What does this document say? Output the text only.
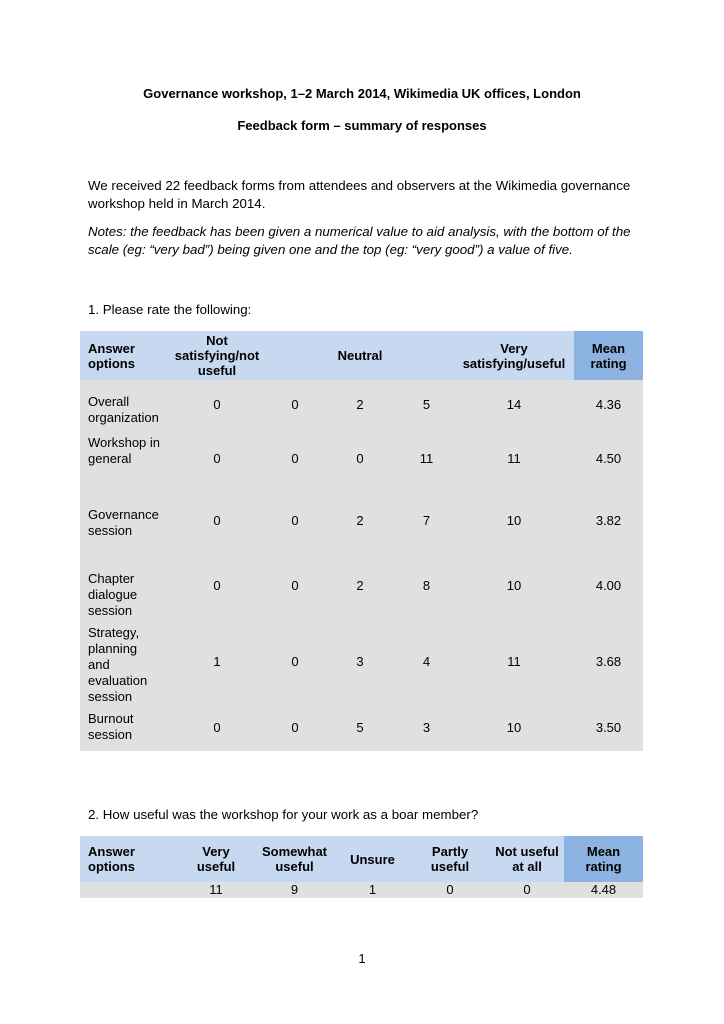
Governance workshop, 1–2 March 2014, Wikimedia UK offices, London
Feedback form – summary of responses
We received 22 feedback forms from attendees and observers at the Wikimedia governance workshop held in March 2014.
Notes: the feedback has been given a numerical value to aid analysis, with the bottom of the scale (eg: “very bad”) being given one and the top (eg: “very good”) a value of five.
1. Please rate the following:
Answer options	Not satisfying/not useful		Neutral		Very satisfying/useful	Mean rating
Overall organization	0	0	2	5	14	4.36
Workshop in general	0	0	0	11	11	4.50
Governance session	0	0	2	7	10	3.82
Chapter dialogue session	0	0	2	8	10	4.00
Strategy, planning and evaluation session	1	0	3	4	11	3.68
Burnout session	0	0	5	3	10	3.50
2. How useful was the workshop for your work as a boar member?
Answer options	Very useful	Somewhat useful	Unsure	Partly useful	Not useful at all	Mean rating
	11	9	1	0	0	4.48
1
